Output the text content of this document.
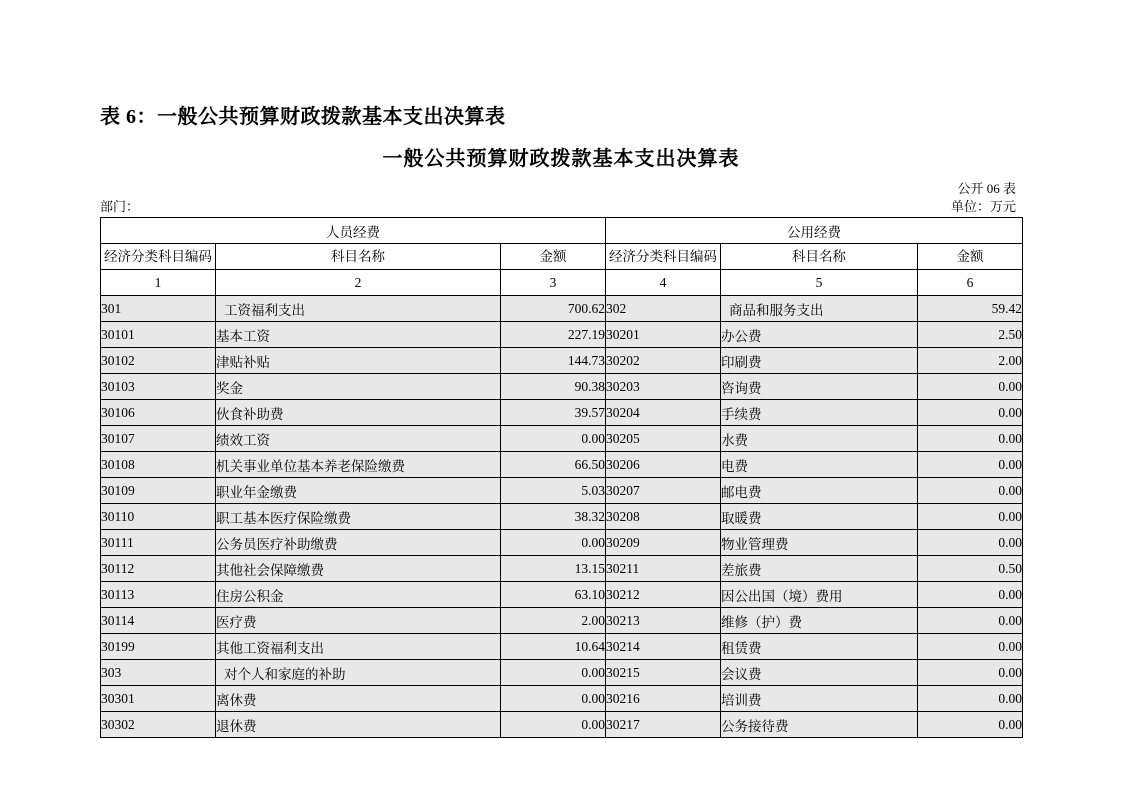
表 6：一般公共预算财政拨款基本支出决算表
一般公共预算财政拨款基本支出决算表
公开 06 表
单位：万元
部门：
人员经费			公用经费		
经济分类科目编码	科目名称	金额	经济分类科目编码	科目名称	金额
1	2	3	4	5	6
301	工资福利支出	700.62	302	商品和服务支出	59.42
30101	基本工资	227.19	30201	办公费	2.50
30102	津贴补贴	144.73	30202	印刷费	2.00
30103	奖金	90.38	30203	咨询费	0.00
30106	伙食补助费	39.57	30204	手续费	0.00
30107	绩效工资	0.00	30205	水费	0.00
30108	机关事业单位基本养老保险缴费	66.50	30206	电费	0.00
30109	职业年金缴费	5.03	30207	邮电费	0.00
30110	职工基本医疗保险缴费	38.32	30208	取暖费	0.00
30111	公务员医疗补助缴费	0.00	30209	物业管理费	0.00
30112	其他社会保障缴费	13.15	30211	差旅费	0.50
30113	住房公积金	63.10	30212	因公出国（境）费用	0.00
30114	医疗费	2.00	30213	维修（护）费	0.00
30199	其他工资福利支出	10.64	30214	租赁费	0.00
303	对个人和家庭的补助	0.00	30215	会议费	0.00
30301	离休费	0.00	30216	培训费	0.00
30302	退休费	0.00	30217	公务接待费	0.00
